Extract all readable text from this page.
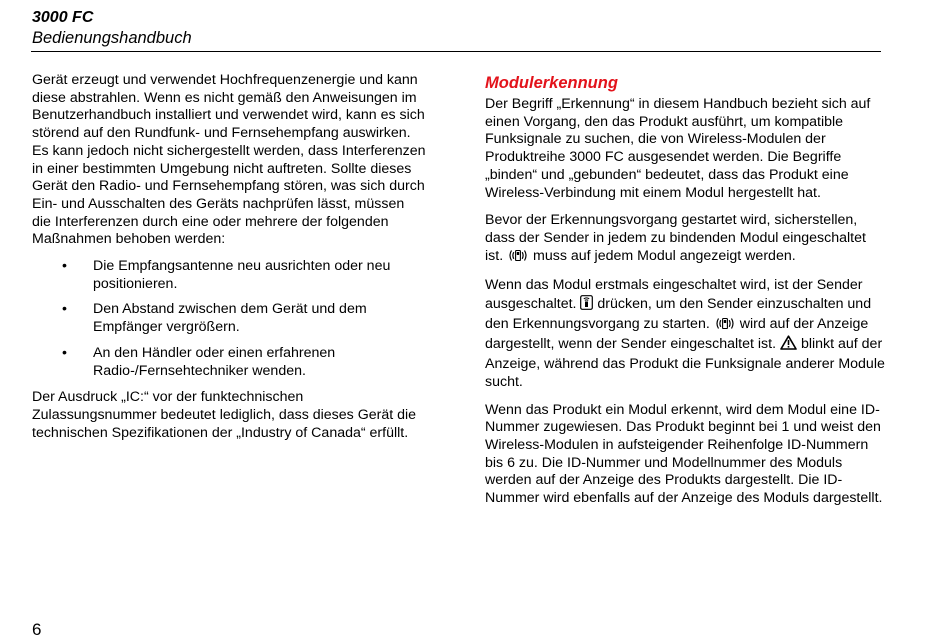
3000 FC
Bedienungshandbuch

Gerät erzeugt und verwendet Hochfrequenzenergie und kann diese abstrahlen. Wenn es nicht gemäß den Anweisungen im Benutzerhandbuch installiert und verwendet wird, kann es sich störend auf den Rundfunk- und Fernsehempfang auswirken. Es kann jedoch nicht sichergestellt werden, dass Interferenzen in einer bestimmten Umgebung nicht auftreten. Sollte dieses Gerät den Radio- und Fernsehempfang stören, was sich durch Ein- und Ausschalten des Geräts nachprüfen lässt, müssen die Interferenzen durch eine oder mehrere der folgenden Maßnahmen behoben werden:

• Die Empfangsantenne neu ausrichten oder neu positionieren.
• Den Abstand zwischen dem Gerät und dem Empfänger vergrößern.
• An den Händler oder einen erfahrenen Radio-/Fernsehtechniker wenden.

Der Ausdruck „IC:“ vor der funktechnischen Zulassungsnummer bedeutet lediglich, dass dieses Gerät die technischen Spezifikationen der „Industry of Canada“ erfüllt.

Modulerkennung

Der Begriff „Erkennung“ in diesem Handbuch bezieht sich auf einen Vorgang, den das Produkt ausführt, um kompatible Funksignale zu suchen, die von Wireless-Modulen der Produktreihe 3000 FC ausgesendet werden. Die Begriffe „binden“ und „gebunden“ bedeutet, dass das Produkt eine Wireless-Verbindung mit einem Modul hergestellt hat.

Bevor der Erkennungsvorgang gestartet wird, sicherstellen, dass der Sender in jedem zu bindenden Modul eingeschaltet ist. muss auf jedem Modul angezeigt werden.

Wenn das Modul erstmals eingeschaltet wird, ist der Sender ausgeschaltet. drücken, um den Sender einzuschalten und den Erkennungsvorgang zu starten. wird auf der Anzeige dargestellt, wenn der Sender eingeschaltet ist. blinkt auf der Anzeige, während das Produkt die Funksignale anderer Module sucht.

Wenn das Produkt ein Modul erkennt, wird dem Modul eine ID-Nummer zugewiesen. Das Produkt beginnt bei 1 und weist den Wireless-Modulen in aufsteigender Reihenfolge ID-Nummern bis 6 zu. Die ID-Nummer und Modellnummer des Moduls werden auf der Anzeige des Produkts dargestellt. Die ID-Nummer wird ebenfalls auf der Anzeige des Moduls dargestellt.

6
